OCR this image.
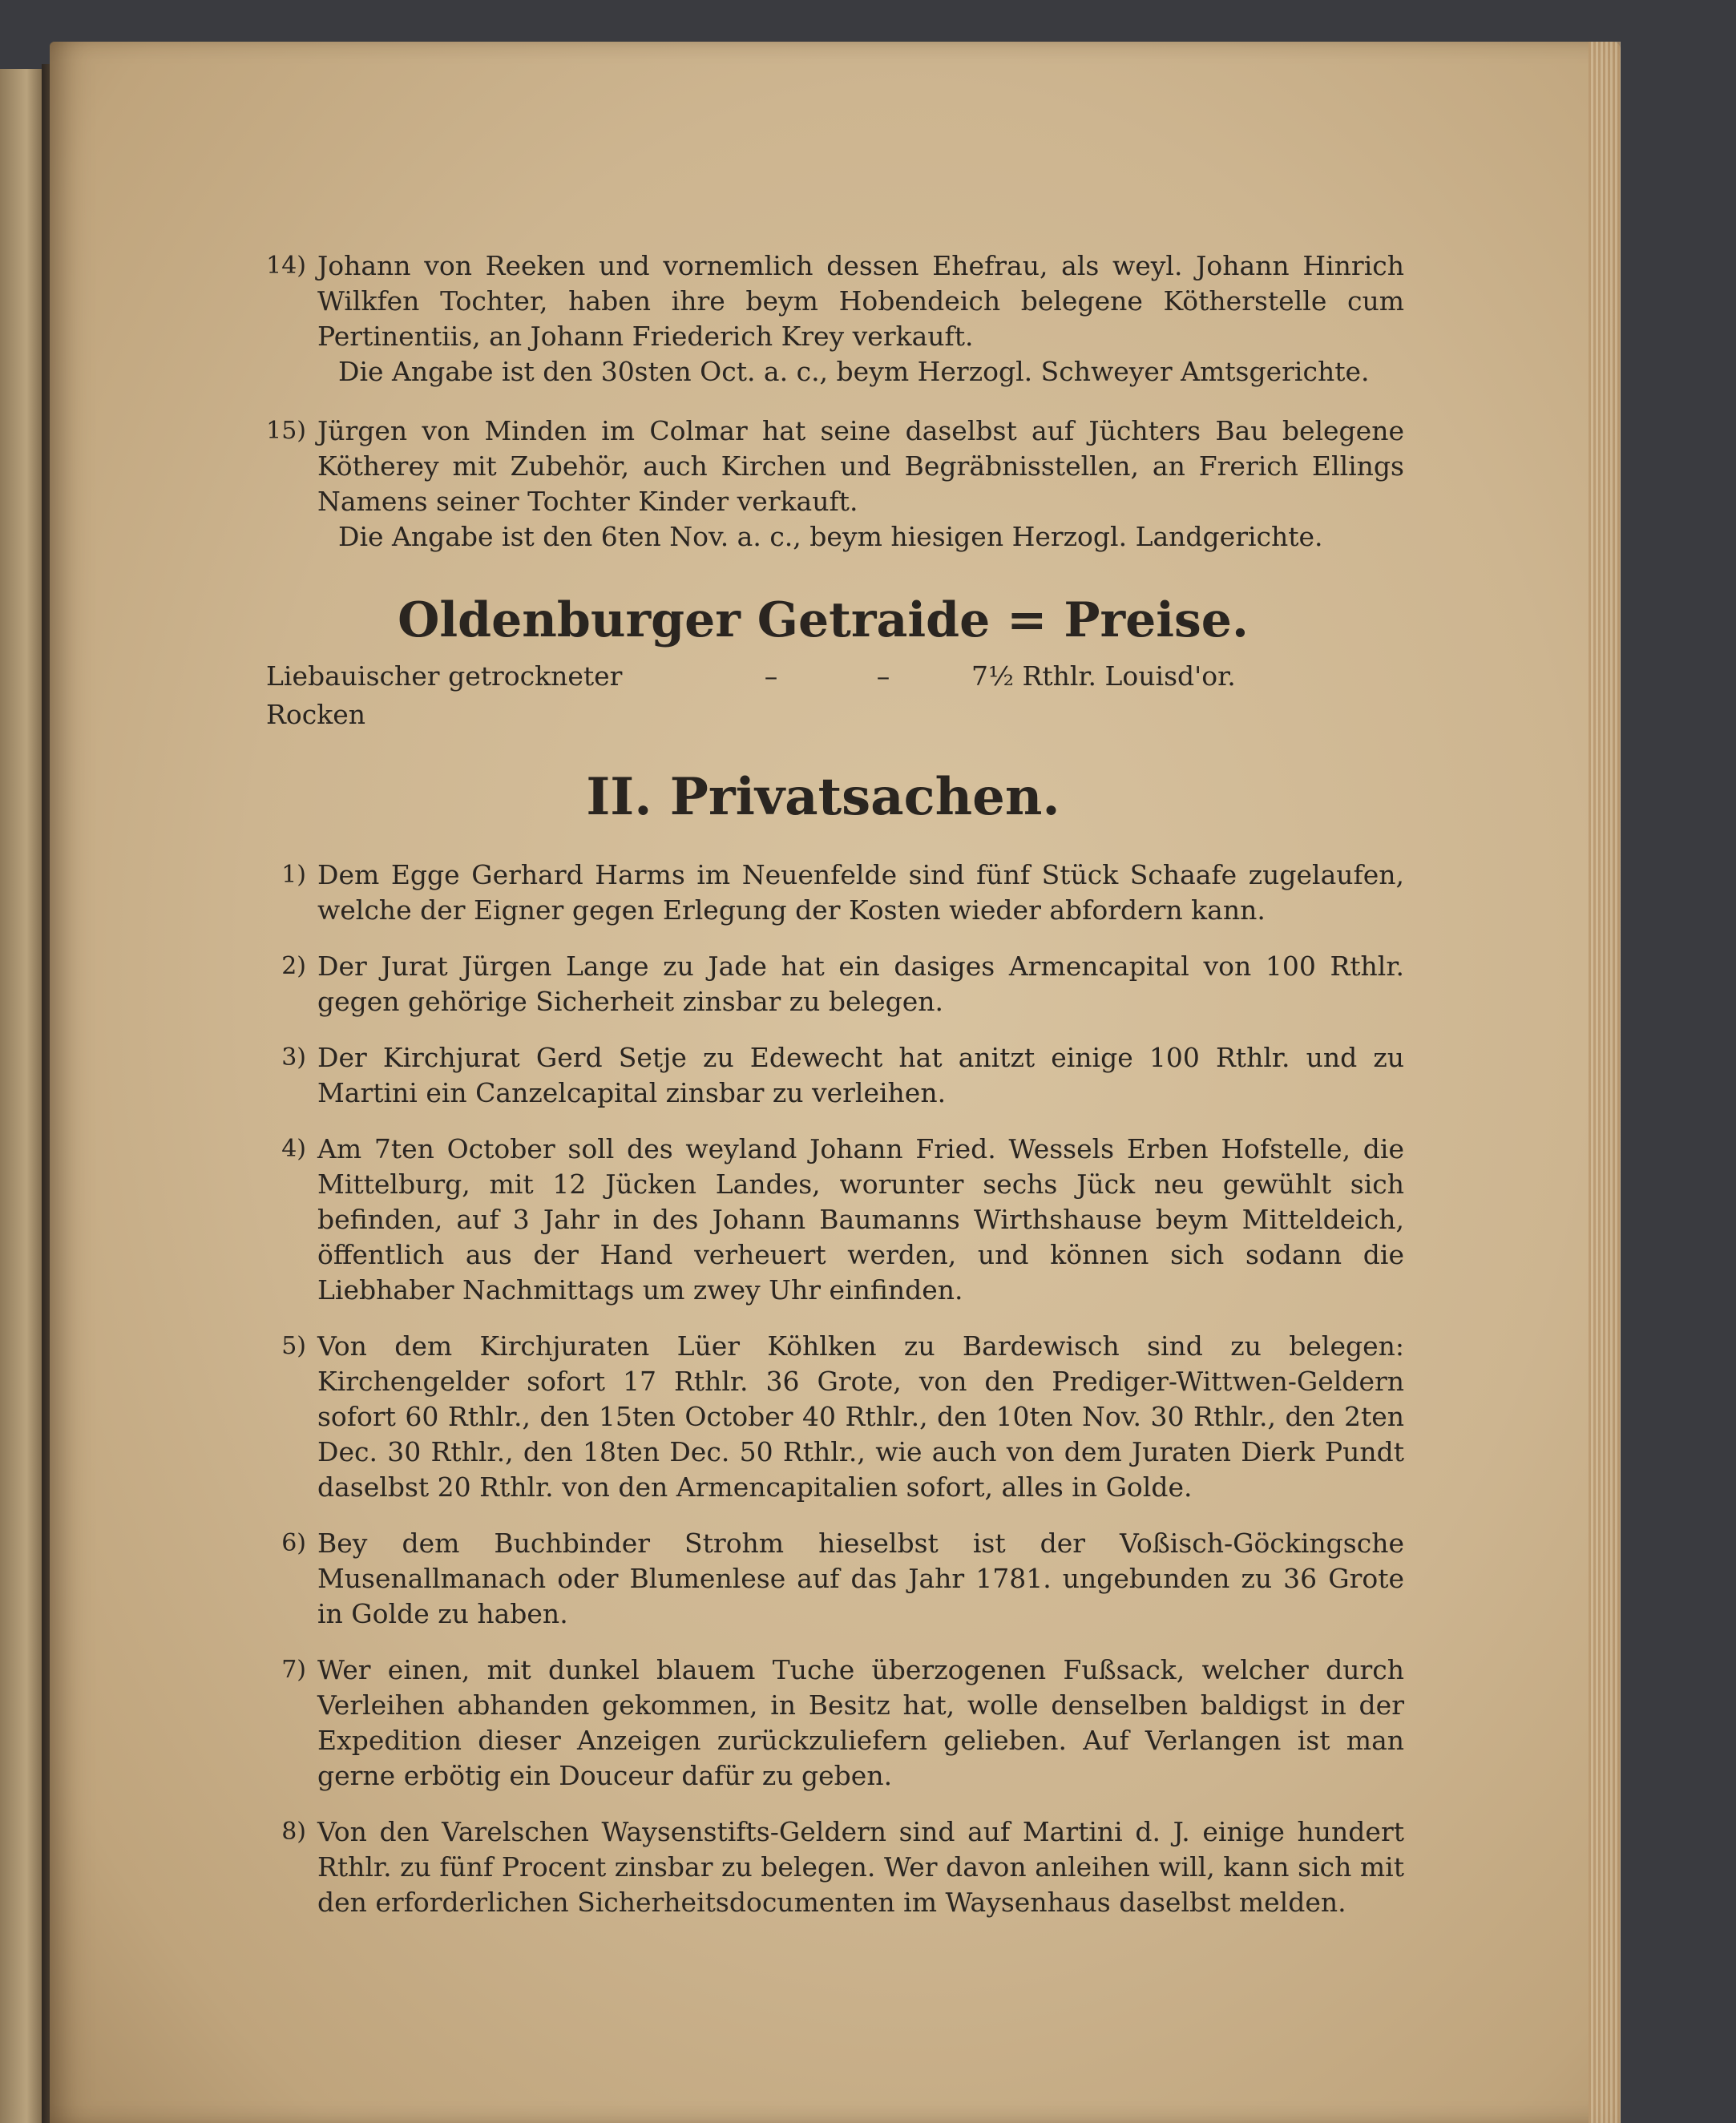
14) Johann von Reeken und vornemlich dessen Ehefrau, als weyl. Johann Hinrich Wilkfen Tochter, haben ihre beym Hobendeich belegene Kötherstelle cum Pertinentiis, an Johann Friederich Krey verkauft.
Die Angabe ist den 30sten Oct. a. c., beym Herzogl. Schweyer Amtsgerichte.
15) Jürgen von Minden im Colmar hat seine daselbst auf Jüchters Bau belegene Kötherey mit Zubehör, auch Kirchen und Begräbnisstellen, an Frerich Ellings Namens seiner Tochter Kinder verkauft.
Die Angabe ist den 6ten Nov. a. c., beym hiesigen Herzogl. Landgerichte.
Oldenburger Getraide = Preise.
Liebauischer getrockneter Rocken
–	–	7½ Rthlr. Louisd'or.
II. Privatsachen.
1) Dem Egge Gerhard Harms im Neuenfelde sind fünf Stück Schaafe zugelaufen, welche der Eigner gegen Erlegung der Kosten wieder abfordern kann.
2) Der Jurat Jürgen Lange zu Jade hat ein dasiges Armencapital von 100 Rthlr. gegen gehörige Sicherheit zinsbar zu belegen.
3) Der Kirchjurat Gerd Setje zu Edewecht hat anitzt einige 100 Rthlr. und zu Martini ein Canzelcapital zinsbar zu verleihen.
4) Am 7ten October soll des weyland Johann Fried. Wessels Erben Hofstelle, die Mittelburg, mit 12 Jücken Landes, worunter sechs Jück neu gewühlt sich befinden, auf 3 Jahr in des Johann Baumanns Wirthshause beym Mitteldeich, öffentlich aus der Hand verheuert werden, und können sich sodann die Liebhaber Nachmittags um zwey Uhr einfinden.
5) Von dem Kirchjuraten Lüer Köhlken zu Bardewisch sind zu belegen: Kirchengelder sofort 17 Rthlr. 36 Grote, von den Prediger-Wittwen-Geldern sofort 60 Rthlr., den 15ten October 40 Rthlr., den 10ten Nov. 30 Rthlr., den 2ten Dec. 30 Rthlr., den 18ten Dec. 50 Rthlr., wie auch von dem Juraten Dierk Pundt daselbst 20 Rthlr. von den Armencapitalien sofort, alles in Golde.
6) Bey dem Buchbinder Strohm hieselbst ist der Voßisch-Göckingsche Musenallmanach oder Blumenlese auf das Jahr 1781. ungebunden zu 36 Grote in Golde zu haben.
7) Wer einen, mit dunkel blauem Tuche überzogenen Fußsack, welcher durch Verleihen abhanden gekommen, in Besitz hat, wolle denselben baldigst in der Expedition dieser Anzeigen zurückzuliefern gelieben. Auf Verlangen ist man gerne erbötig ein Douceur dafür zu geben.
8) Von den Varelschen Waysenstifts-Geldern sind auf Martini d. J. einige hundert Rthlr. zu fünf Procent zinsbar zu belegen. Wer davon anleihen will, kann sich mit den erforderlichen Sicherheitsdocumenten im Waysenhaus daselbst melden.
